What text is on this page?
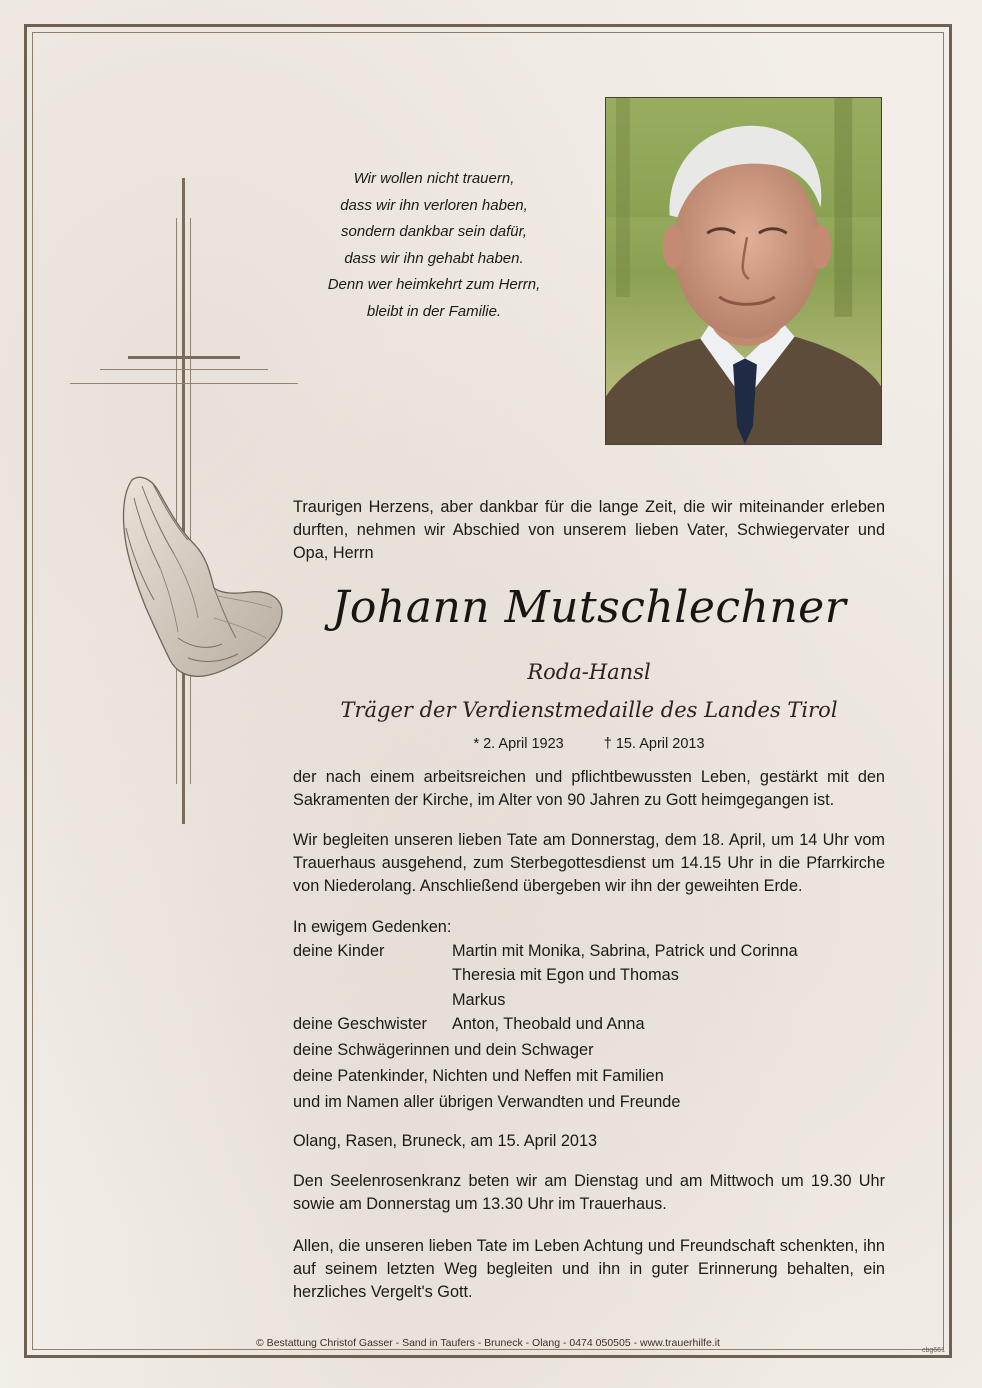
Wir wollen nicht trauern,
dass wir ihn verloren haben,
sondern dankbar sein dafür,
dass wir ihn gehabt haben.
Denn wer heimkehrt zum Herrn,
bleibt in der Familie.
Traurigen Herzens, aber dankbar für die lange Zeit, die wir miteinander erleben durften, nehmen wir Abschied von unserem lieben Vater, Schwiegervater und Opa, Herrn
Johann Mutschlechner
Roda-Hansl
Träger der Verdienstmedaille des Landes Tirol
* 2. April 1923	† 15. April 2013
der nach einem arbeitsreichen und pflichtbewussten Leben, gestärkt mit den Sakramenten der Kirche, im Alter von 90 Jahren zu Gott heimgegangen ist.
Wir begleiten unseren lieben Tate am Donnerstag, dem 18. April, um 14 Uhr vom Trauerhaus ausgehend, zum Sterbegottesdienst um 14.15 Uhr in die Pfarrkirche von Niederolang. Anschließend übergeben wir ihn der geweihten Erde.
In ewigem Gedenken:
deine Kinder	Martin mit Monika, Sabrina, Patrick und Corinna
Theresia mit Egon und Thomas
Markus
deine Geschwister Anton, Theobald und Anna
deine Schwägerinnen und dein Schwager
deine Patenkinder, Nichten und Neffen mit Familien
und im Namen aller übrigen Verwandten und Freunde
Olang, Rasen, Bruneck, am 15. April 2013
Den Seelenrosenkranz beten wir am Dienstag und am Mittwoch um 19.30 Uhr sowie am Donnerstag um 13.30 Uhr im Trauerhaus.
Allen, die unseren lieben Tate im Leben Achtung und Freundschaft schenkten, ihn auf seinem letzten Weg begleiten und ihn in guter Erinnerung behalten, ein herzliches Vergelt's Gott.
© Bestattung Christof Gasser - Sand in Taufers - Bruneck - Olang - 0474 050505 - www.trauerhilfe.it
cbg661
